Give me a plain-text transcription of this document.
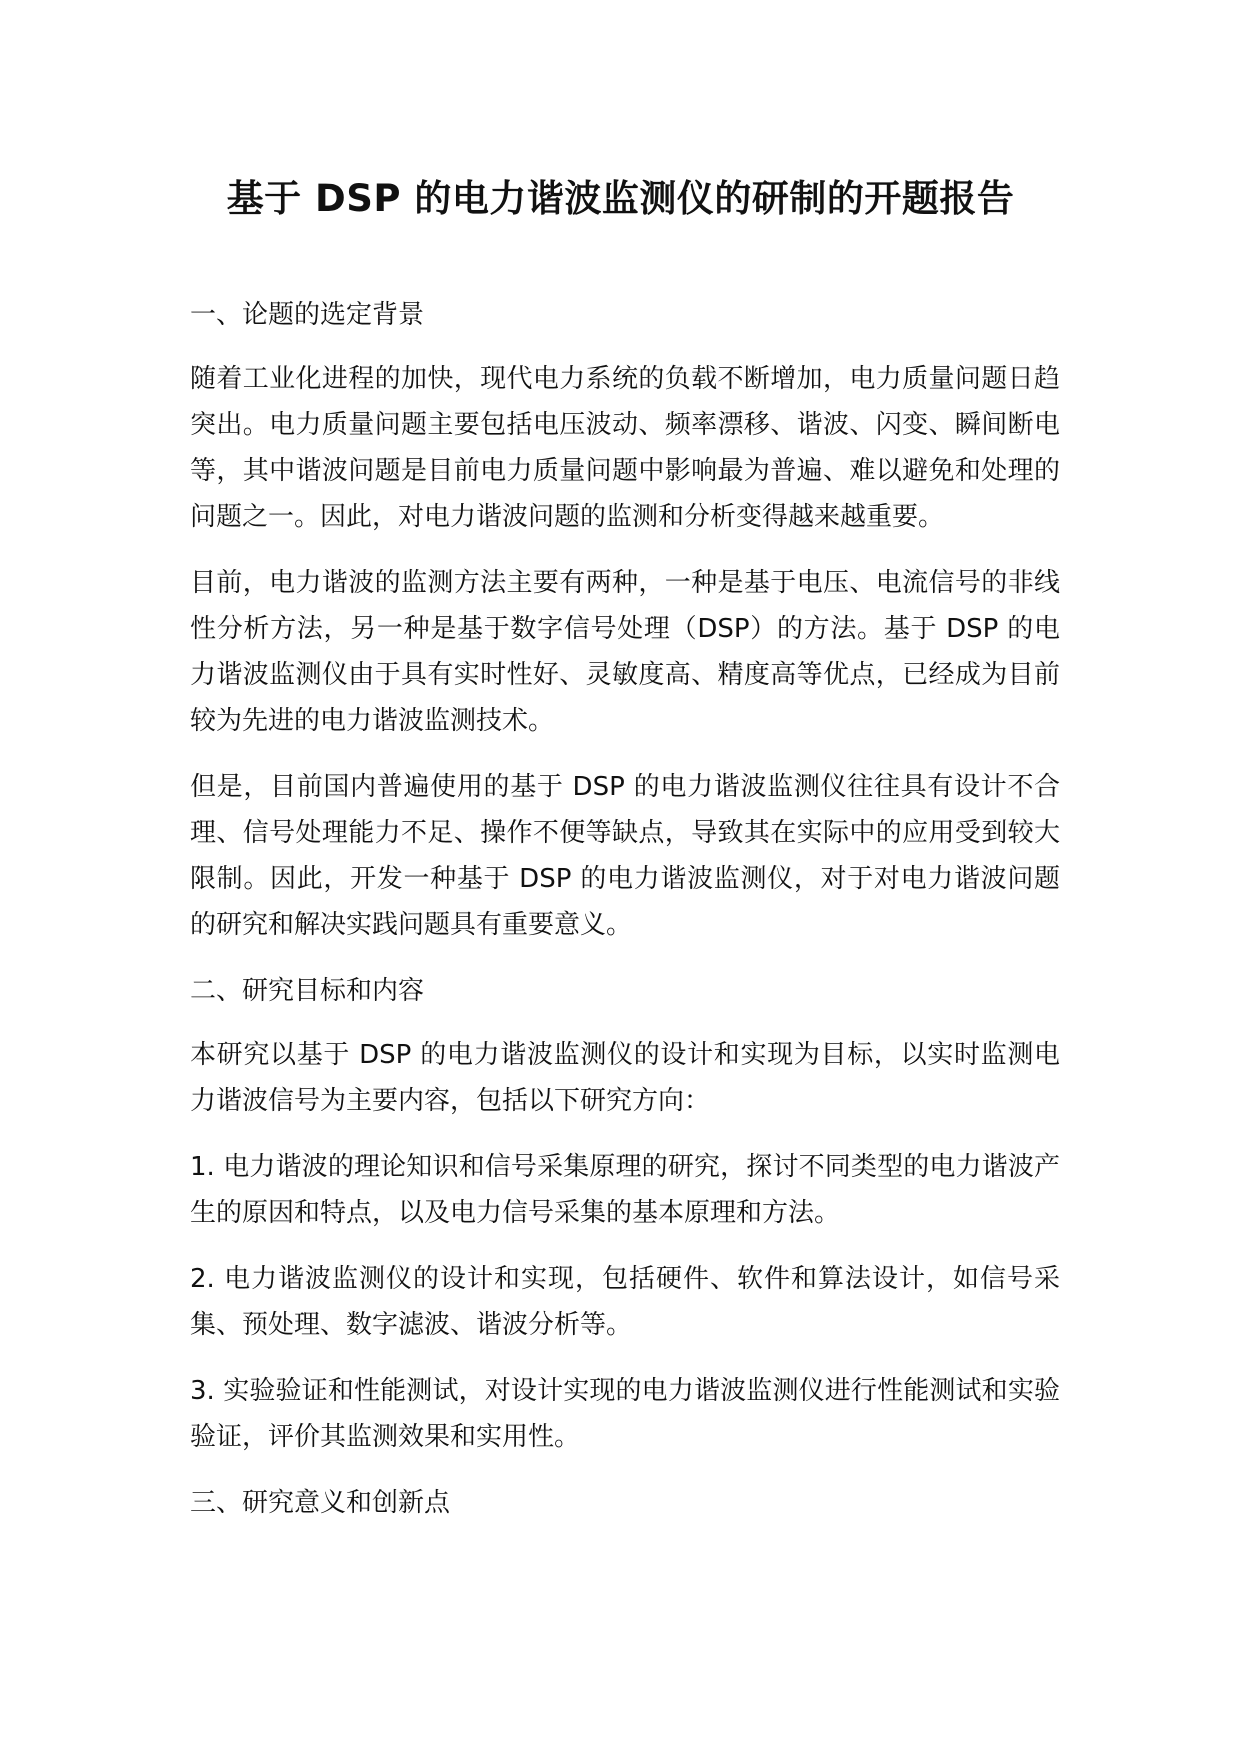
基于 DSP 的电力谐波监测仪的研制的开题报告

一、论题的选定背景

随着工业化进程的加快，现代电力系统的负载不断增加，电力质量问题日趋突出。电力质量问题主要包括电压波动、频率漂移、谐波、闪变、瞬间断电等，其中谐波问题是目前电力质量问题中影响最为普遍、难以避免和处理的问题之一。因此，对电力谐波问题的监测和分析变得越来越重要。

目前，电力谐波的监测方法主要有两种，一种是基于电压、电流信号的非线性分析方法，另一种是基于数字信号处理（DSP）的方法。基于 DSP 的电力谐波监测仪由于具有实时性好、灵敏度高、精度高等优点，已经成为目前较为先进的电力谐波监测技术。

但是，目前国内普遍使用的基于 DSP 的电力谐波监测仪往往具有设计不合理、信号处理能力不足、操作不便等缺点，导致其在实际中的应用受到较大限制。因此，开发一种基于 DSP 的电力谐波监测仪，对于对电力谐波问题的研究和解决实践问题具有重要意义。

二、研究目标和内容

本研究以基于 DSP 的电力谐波监测仪的设计和实现为目标，以实时监测电力谐波信号为主要内容，包括以下研究方向：

1. 电力谐波的理论知识和信号采集原理的研究，探讨不同类型的电力谐波产生的原因和特点，以及电力信号采集的基本原理和方法。

2. 电力谐波监测仪的设计和实现，包括硬件、软件和算法设计，如信号采集、预处理、数字滤波、谐波分析等。

3. 实验验证和性能测试，对设计实现的电力谐波监测仪进行性能测试和实验验证，评价其监测效果和实用性。

三、研究意义和创新点
